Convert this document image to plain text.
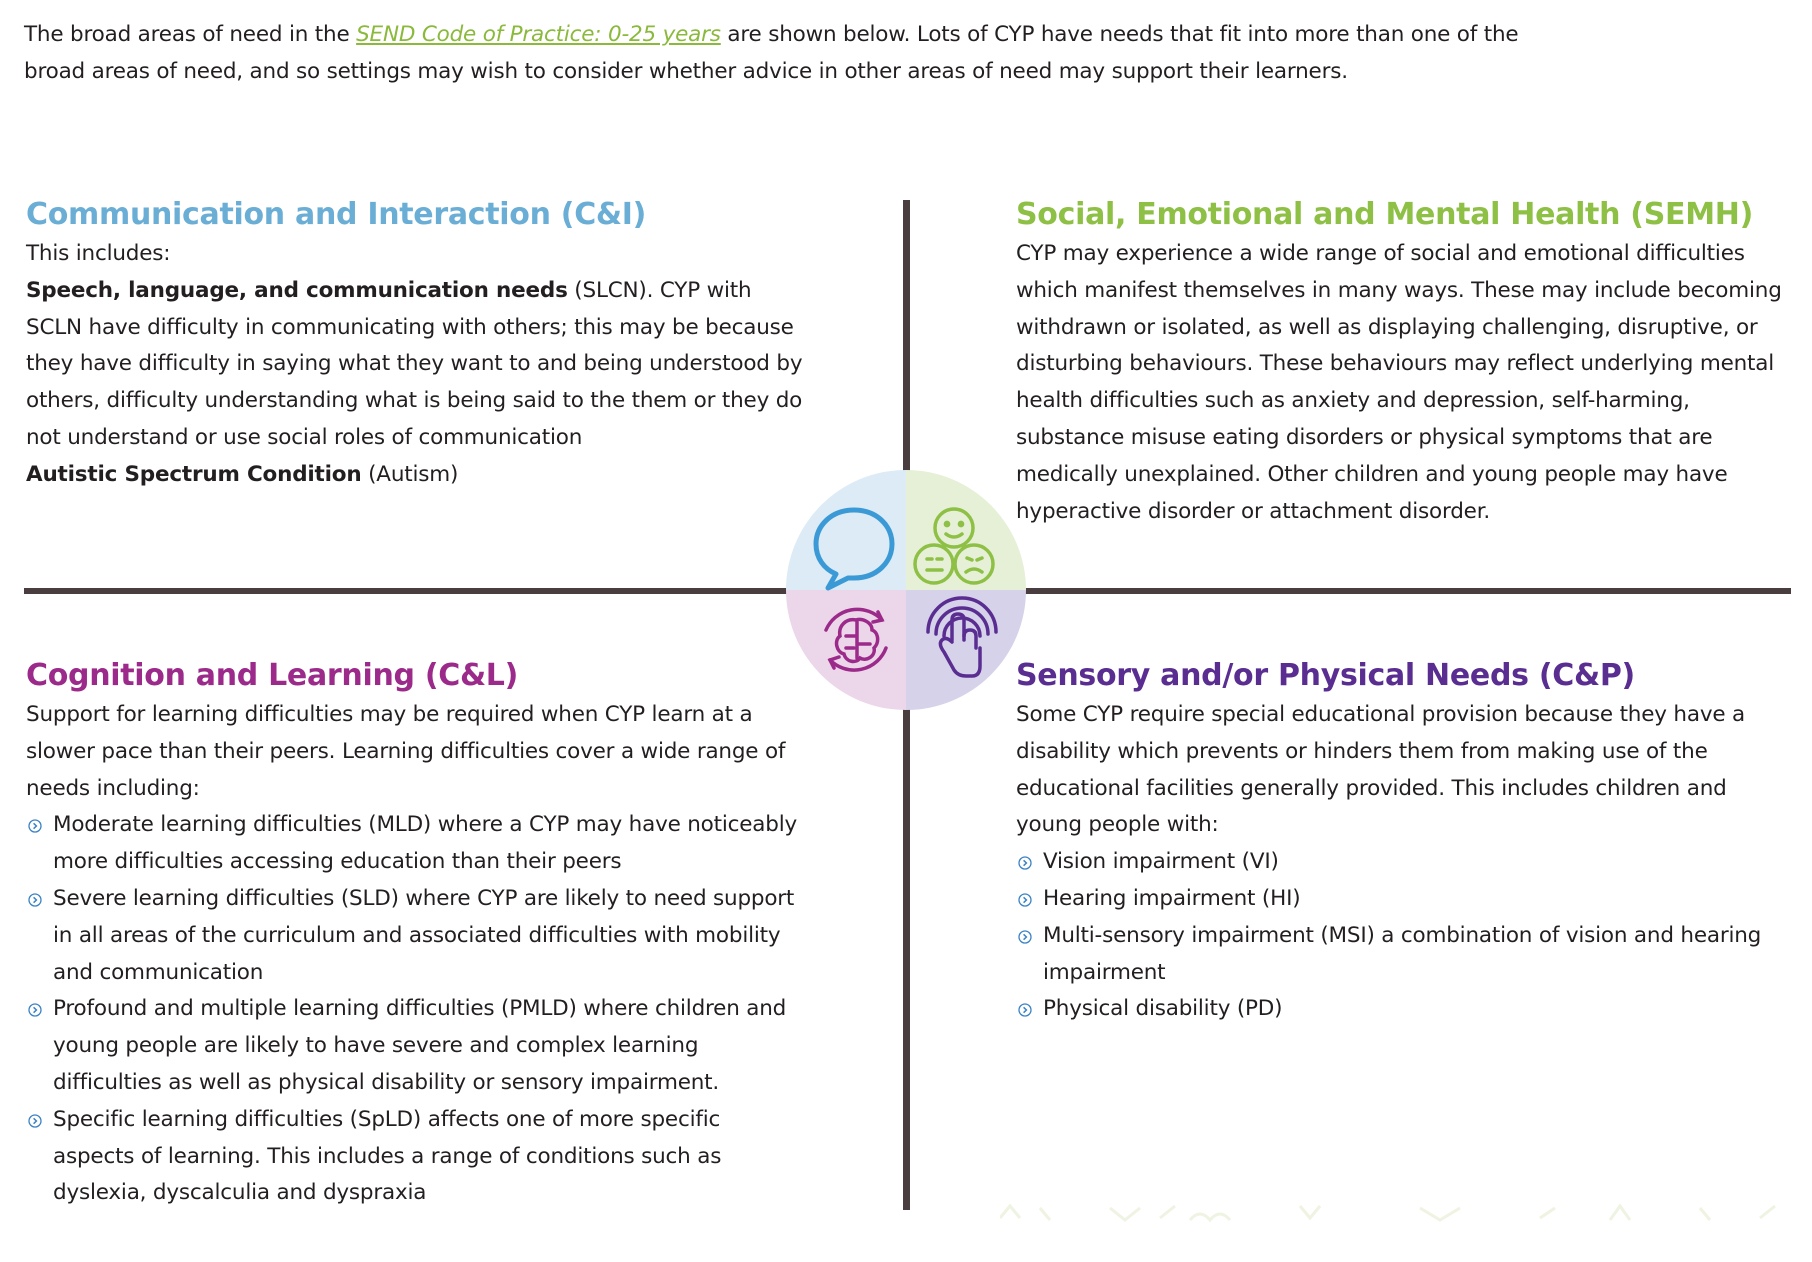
The broad areas of need in the SEND Code of Practice: 0-25 years are shown below. Lots of CYP have needs that fit into more than one of the broad areas of need, and so settings may wish to consider whether advice in other areas of need may support their learners.
Communication and Interaction (C&I)

This includes:

Speech, language, and communication needs (SLCN). CYP with SCLN have difficulty in communicating with others; this may be because they have difficulty in saying what they want to and being understood by others, difficulty understanding what is being said to the them or they do not understand or use social roles of communication

Autistic Spectrum Condition (Autism)

Social, Emotional and Mental Health (SEMH)

CYP may experience a wide range of social and emotional difficulties which manifest themselves in many ways. These may include becoming withdrawn or isolated, as well as displaying challenging, disruptive, or disturbing behaviours. These behaviours may reflect underlying mental health difficulties such as anxiety and depression, self-harming, substance misuse eating disorders or physical symptoms that are medically unexplained. Other children and young people may have hyperactive disorder or attachment disorder.

Cognition and Learning (C&L)

Support for learning difficulties may be required when CYP learn at a slower pace than their peers. Learning difficulties cover a wide range of needs including:

Moderate learning difficulties (MLD) where a CYP may have noticeably more difficulties accessing education than their peers
Severe learning difficulties (SLD) where CYP are likely to need support in all areas of the curriculum and associated difficulties with mobility and communication
Profound and multiple learning difficulties (PMLD) where children and young people are likely to have severe and complex learning difficulties as well as physical disability or sensory impairment.
Specific learning difficulties (SpLD) affects one of more specific aspects of learning. This includes a range of conditions such as dyslexia, dyscalculia and dyspraxia
Sensory and/or Physical Needs (C&P)

Some CYP require special educational provision because they have a disability which prevents or hinders them from making use of the educational facilities generally provided. This includes children and young people with:

Vision impairment (VI)
Hearing impairment (HI)
Multi-sensory impairment (MSI) a combination of vision and hearing impairment
Physical disability (PD)
